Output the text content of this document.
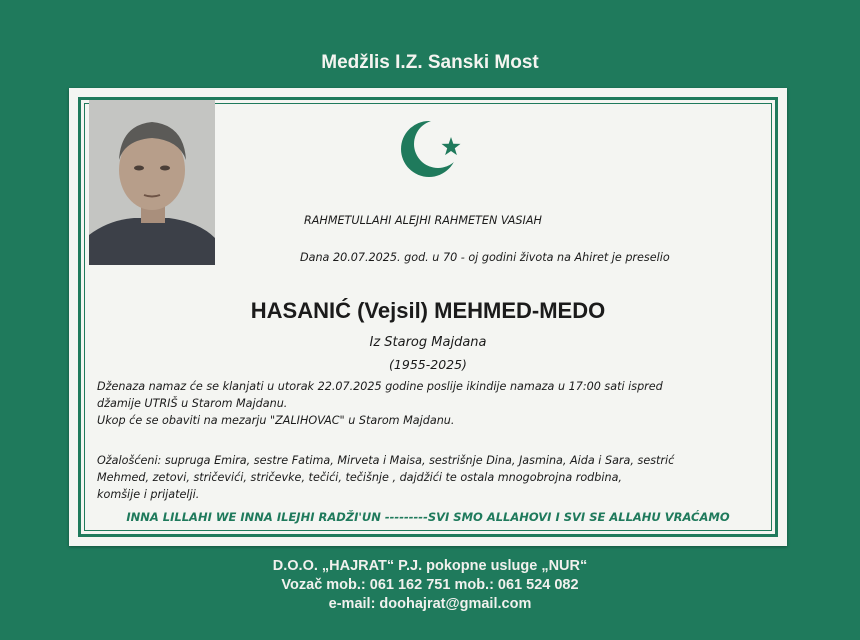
Medžlis I.Z. Sanski Most
RAHMETULLAHI ALEJHI RAHMETEN VASIAH
Dana 20.07.2025. god. u 70 - oj godini života na Ahiret je preselio
HASANIĆ (Vejsil) MEHMED-MEDO
Iz Starog Majdana
(1955-2025)
Dženaza namaz će se klanjati u utorak 22.07.2025 godine poslije ikindije namaza u 17:00 sati ispred
džamije UTRIŠ u Starom Majdanu.
Ukop će se obaviti na mezarju "ZALIHOVAC" u Starom Majdanu.
Ožalošćeni: supruga Emira, sestre Fatima, Mirveta i Maisa, sestrišnje Dina, Jasmina, Aida i Sara, sestrić
Mehmed, zetovi, stričevići, stričevke, tečići, tečišnje , dajdžići te ostala mnogobrojna rodbina,
komšije i prijatelji.
INNA LILLAHI WE INNA ILEJHI RADŽI'UN ---------SVI SMO ALLAHOVI I SVI SE ALLAHU VRAĆAMO
D.O.O. „HAJRAT“ P.J. pokopne usluge „NUR“
Vozač mob.: 061 162 751 mob.: 061 524 082
e-mail: doohajrat@gmail.com
